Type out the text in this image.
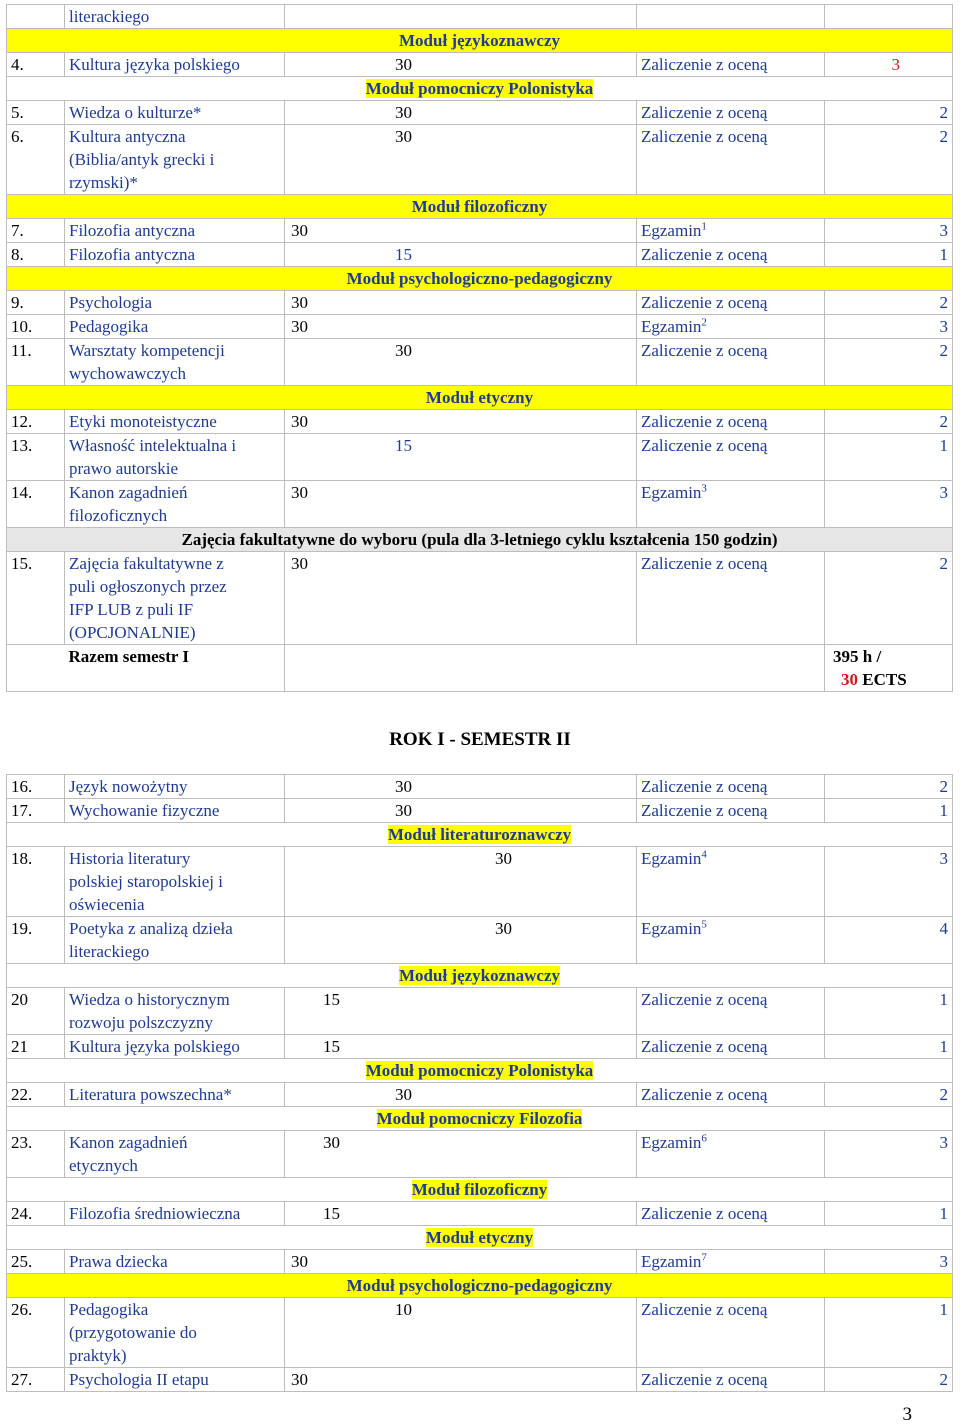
	literackiego			
Moduł językoznawczy				
4.	Kultura języka polskiego	30	Zaliczenie z oceną	3
Moduł pomocniczy Polonistyka				
5.	Wiedza o kulturze*	30	Zaliczenie z oceną	2
6.	Kultura antyczna
(Biblia/antyk grecki i
rzymski)*	30	Zaliczenie z oceną	2
Moduł filozoficzny				
7.	Filozofia antyczna	30	Egzamin$^1$	3
8.	Filozofia antyczna	15	Zaliczenie z oceną	1
Moduł psychologiczno-pedagogiczny				
9.	Psychologia	30	Zaliczenie z oceną	2
10.	Pedagogika	30	Egzamin$^2$	3
11.	Warsztaty kompetencji
wychowawczych	30	Zaliczenie z oceną	2
Moduł etyczny				
12.	Etyki monoteistyczne	30	Zaliczenie z oceną	2
13.	Własność intelektualna i
prawo autorskie	15	Zaliczenie z oceną	1
14.	Kanon zagadnień
filozoficznych	30	Egzamin$^3$	3
Zajęcia fakultatywne do wyboru (pula dla 3-letniego cyklu kształcenia 150 godzin)				
15.	Zajęcia fakultatywne z
puli ogłoszonych przez
IFP LUB z puli IF
(OPCJONALNIE)	30	Zaliczenie z oceną	2
	Razem semestr I			395 h /
30 ECTS
ROK I - SEMESTR II
16.	Język nowożytny	30	Zaliczenie z oceną	2
17.	Wychowanie fizyczne	30	Zaliczenie z oceną	1
Moduł literaturoznawczy				
18.	Historia literatury
polskiej staropolskiej i
oświecenia	30	Egzamin$^4$	3
19.	Poetyka z analizą dzieła
literackiego	30	Egzamin$^5$	4
Moduł językoznawczy				
20	Wiedza o historycznym
rozwoju polszczyzny	15	Zaliczenie z oceną	1
21	Kultura języka polskiego	15	Zaliczenie z oceną	1
Moduł pomocniczy Polonistyka				
22.	Literatura powszechna*	30	Zaliczenie z oceną	2
Moduł pomocniczy Filozofia				
23.	Kanon zagadnień
etycznych	30	Egzamin$^6$	3
Moduł filozoficzny				
24.	Filozofia średniowieczna	15	Zaliczenie z oceną	1
Moduł etyczny				
25.	Prawa dziecka	30	Egzamin$^7$	3
Moduł psychologiczno-pedagogiczny				
26.	Pedagogika
(przygotowanie do
praktyk)	10	Zaliczenie z oceną	1
27.	Psychologia II etapu	30	Zaliczenie z oceną	2
3
